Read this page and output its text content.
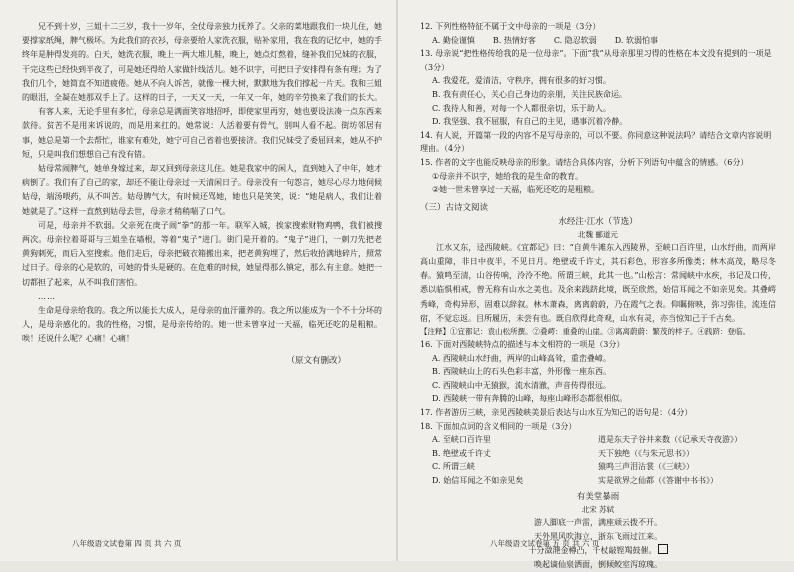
兄不到十岁，三姐十二三岁，我十一岁年，全仗母亲独力抚养了。父亲的菜地跟我们一块儿住，她要撑家纸绳，脾气极坏。为此我们的衣衫，母亲要给人家洗衣服，贴补家用，我在我的记忆中，她的手终年是肿得发亮的。白天，她洗衣服，晚上一两大堆儿鞋，晚上，她点灯熬着，缝补我们兄妹的衣服，干完这些已经快到半夜了，可是她还得给人家做针线活儿。她不识字，可把日子安排得有条有理；为了我们几个，她简直不知道疲倦。她从不向人诉苦，就像一棵大树，默默地为我们撑起一片天。我和三姐的眼泪，全凝在她那双手上了。这样的日子，一天又一天，一年又一年，她的辛劳换来了我们的长大。

有客人来，无论手里有多忙，母亲总是满面笑容地招呼，即使家里再穷，她也要设法凑一点东西来款待。贫苦不是用来诉说的，而是用来扛的。她常说：人活着要有骨气，别叫人看不起。街坊邻居有事，她总是第一个去帮忙，谁家有难处，她宁可自己省着也要接济。我们兄妹受了委屈回来，她从不护短，只是叫我们想想自己有没有错。

姑母常闹脾气，她单身嫁过来，却又回到母亲这儿住。她是我家中的闲人，直到她入了中年，她才病倒了。我们有了自己的家，却还不能让母亲过一天清闲日子。母亲没有一句怨言，她尽心尽力地伺候姑母，端汤喂药，从不叫苦。姑母脾气大，有时候还骂她，她也只是笑笑，说：“她是病人，我们让着她就是了。”这样一直熬到姑母去世，母亲才稍稍喘了口气。

可是，母亲并不软弱。父亲死在庚子闹“拳”的那一年。联军入城，挨家搜索财物鸡鸭，我们被搜两次。母亲拉着哥哥与三姐坐在墙根，等着“鬼子”进门。街门是开着的。“鬼子”进门，一刺刀先把老黄狗刺死，而后入室搜索。他们走后，母亲把破衣箱搬出来，把老黄狗埋了，然后收拾满地碎片，照常过日子。母亲的心是软的，可她的骨头是硬的。在危难的时候，她显得那么镇定，那么有主意。她把一切都担了起来，从不叫我们害怕。

……

生命是母亲给我的。我之所以能长大成人，是母亲的血汗灌养的。我之所以能成为一个不十分坏的人，是母亲感化的。我的性格，习惯，是母亲传给的。她一世未曾享过一天福，临死还吃的是粗粮。唉！还说什么呢？心痛！心痛！

（原文有删改）

八年级语文试卷第 四 页 共 六 页

12. 下列性格特征不属于文中母亲的一项是（3分）

A. 勤俭谨慎 B. 热情好客 C. 隐忍软弱 D. 软弱怕事

13. 母亲说“把性格传给我的是一位母亲”。下面“我”从母亲那里习得的性格在本文没有提到的一项是（3分）

A. 我爱花，爱清洁，守秩序，拥有很多的好习惯。

B. 我有责任心，关心自己身边的亲朋，关注民族命运。

C. 我待人和善，对每一个人都很亲切，乐于助人。

D. 我坚强、我不屈服，有自己的主见，遇事沉着冷静。

14. 有人说，开篇第一段的内容不是写母亲的，可以不要。你同意这种说法吗？请结合文章内容说明理由。（4分）

15. 作者的文字也能反映母亲的形象。请结合具体内容，分析下列语句中蕴含的情感。（6分）

①母亲并不识字，她给我的是生命的教育。

②她一世未曾享过一天福，临死还吃的是粗粮。

（三）古诗文阅读

水经注·江水（节选）

北魏 郦道元

江水又东，迳西陵峡。《宜都记》曰：“自黄牛滩东入西陵界，至峡口百许里，山水纡曲，而两岸高山重障，非日中夜半，不见日月。绝壁或千许丈，其石彩色，形容多所像类；林木高茂，略尽冬春。猿鸣至清，山谷传响，泠泠不绝。所谓三峡，此其一也。”山松言：常闻峡中水疾，书记及口传，悉以临惧相戒，曾无称有山水之美也。及余来践跻此境，既至欣然，始信耳闻之不如亲见矣。其叠崿秀峰，奇构异形，固难以辞叙。林木萧森，离离蔚蔚，乃在霞气之表。仰瞩俯映，弥习弥佳，流连信宿，不觉忘返。目所履历，未尝有也。既自欣得此奇观，山水有灵，亦当惊知己于千古矣。

【注释】①宜都记：袁山松所撰。②叠崿：重叠的山崖。③离离蔚蔚：繁茂的样子。④践跻：登临。

16. 下面对西陵峡特点的描述与本文相符的一项是（3分）

A. 西陵峡山水纡曲，两岸的山峰高耸，重峦叠嶂。

B. 西陵峡山上的石头色彩丰富，外形像一座东西。

C. 西陵峡山中无猿猴，流水清澈，声音传得很远。

D. 西陵峡一带有奔腾的山峰，每座山峰形态都很相似。

17. 作者游历三峡，亲见西陵峡美景后表达与山水互为知己的语句是：（4分）

18. 下面加点词的含义相同的一项是（3分）

A. 至峡口百许里	道是东夫子谷井来数（《记承天寺夜游》）
B. 绝壁或千许丈	天下独绝（《与朱元思书》）
C. 所谓三峡	猿鸣三声泪沾裳（《三峡》）
D. 始信耳闻之不如亲见矣	实是欲界之仙都（《答谢中书书》）

有美堂暴雨

北宋 苏轼

游人脚底一声雷，满座顽云拨不开。

天外黑风吹海立，浙东飞雨过江来。

十分潋滟金樽凸，千杖敲铿羯鼓催。

唤起谪仙泉洒面，倒倾鲛室泻琼瑰。

八年级语文试卷第 五 页 共 六 页
